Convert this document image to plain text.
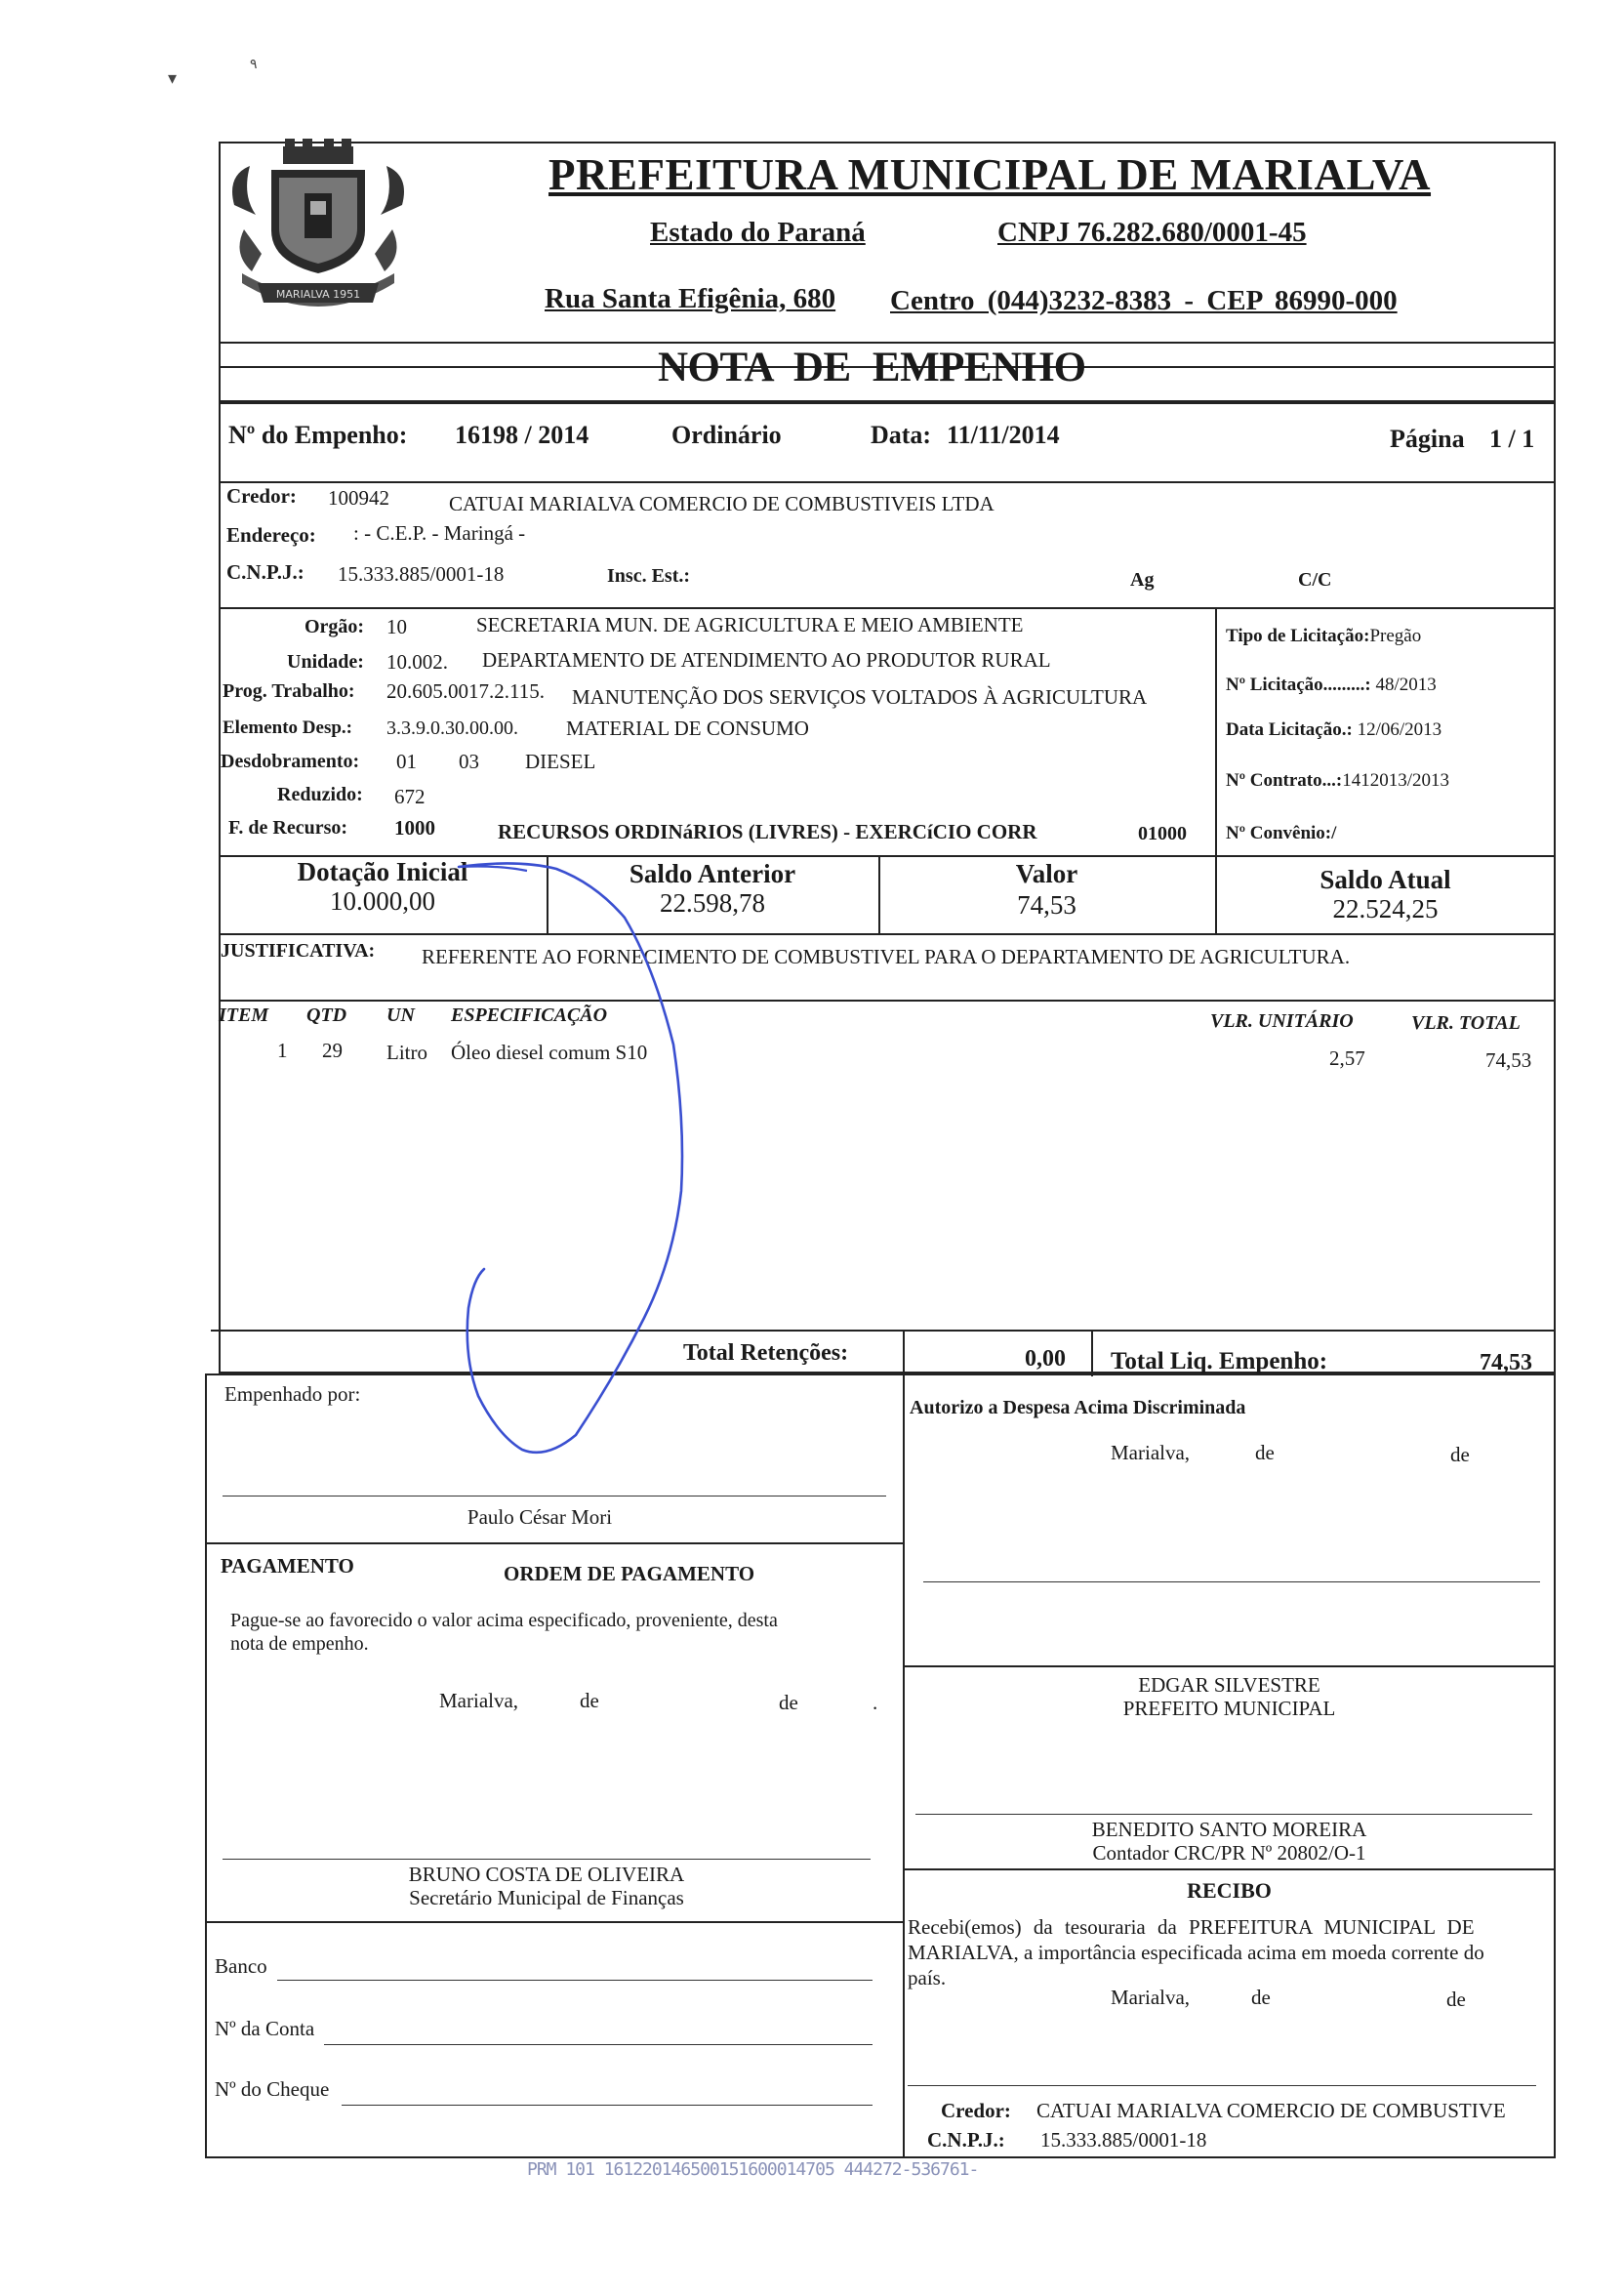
MARIALVA 1951
PREFEITURA MUNICIPAL DE MARIALVA
Estado do Paraná	CNPJ 76.282.680/0001-45
Rua Santa Efigênia, 680 Centro (044)3232-8383 - CEP 86990-000
NOTA DE EMPENHO
Nº do Empenho: 16198 / 2014	Ordinário	Data: 11/11/2014	Página 1 / 1
Credor: 100942	CATUAI MARIALVA COMERCIO DE COMBUSTIVEIS LTDA
Endereço: : - C.E.P. - Maringá -
C.N.P.J.: 15.333.885/0001-18	Insc. Est.:	Ag	C/C
Orgão: 10	SECRETARIA MUN. DE AGRICULTURA E MEIO AMBIENTE
Unidade: 10.002. DEPARTAMENTO DE ATENDIMENTO AO PRODUTOR RURAL
Prog. Trabalho: 20.605.0017.2.115. MANUTENÇÃO DOS SERVIÇOS VOLTADOS À AGRICULTURA
Elemento Desp.: 3.3.9.0.30.00.00. MATERIAL DE CONSUMO
Desdobramento: 01 03 DIESEL
Reduzido: 672
F. de Recurso: 1000	RECURSOS ORDINáRIOS (LIVRES) - EXERCíCIO CORR	01000
Tipo de Licitação:Pregão
Nº Licitação.........: 48/2013
Data Licitação.: 12/06/2013
Nº Contrato...:1412013/2013
Nº Convênio:/
Dotação Inicial
10.000,00
Saldo Anterior
22.598,78
Valor
74,53
Saldo Atual
22.524,25
JUSTIFICATIVA: REFERENTE AO FORNECIMENTO DE COMBUSTIVEL PARA O DEPARTAMENTO DE AGRICULTURA.
ITEM QTD UN ESPECIFICAÇÃO	VLR. UNITÁRIO	VLR. TOTAL
1 29 Litro Óleo diesel comum S10	2,57	74,53
Total Retenções:	0,00 Total Liq. Empenho:	74,53
Empenhado por:
Paulo César Mori
PAGAMENTO	ORDEM DE PAGAMENTO
Pague-se ao favorecido o valor acima especificado, proveniente, desta
nota de empenho.
Marialva,	de	de	.
BRUNO COSTA DE OLIVEIRA
Secretário Municipal de Finanças
Banco
Nº da Conta
Nº do Cheque
Autorizo a Despesa Acima Discriminada
Marialva,	de	de
EDGAR SILVESTRE
PREFEITO MUNICIPAL
BENEDITO SANTO MOREIRA
Contador CRC/PR Nº 20802/O-1
RECIBO
Recebi(emos) da tesouraria da PREFEITURA MUNICIPAL DE
MARIALVA, a importância especificada acima em moeda corrente do
país.
Marialva,	de	de
Credor: CATUAI MARIALVA COMERCIO DE COMBUSTIVE
C.N.P.J.: 15.333.885/0001-18
PRM 101 161220146500151600014705 444272-536761-
▾
٩
